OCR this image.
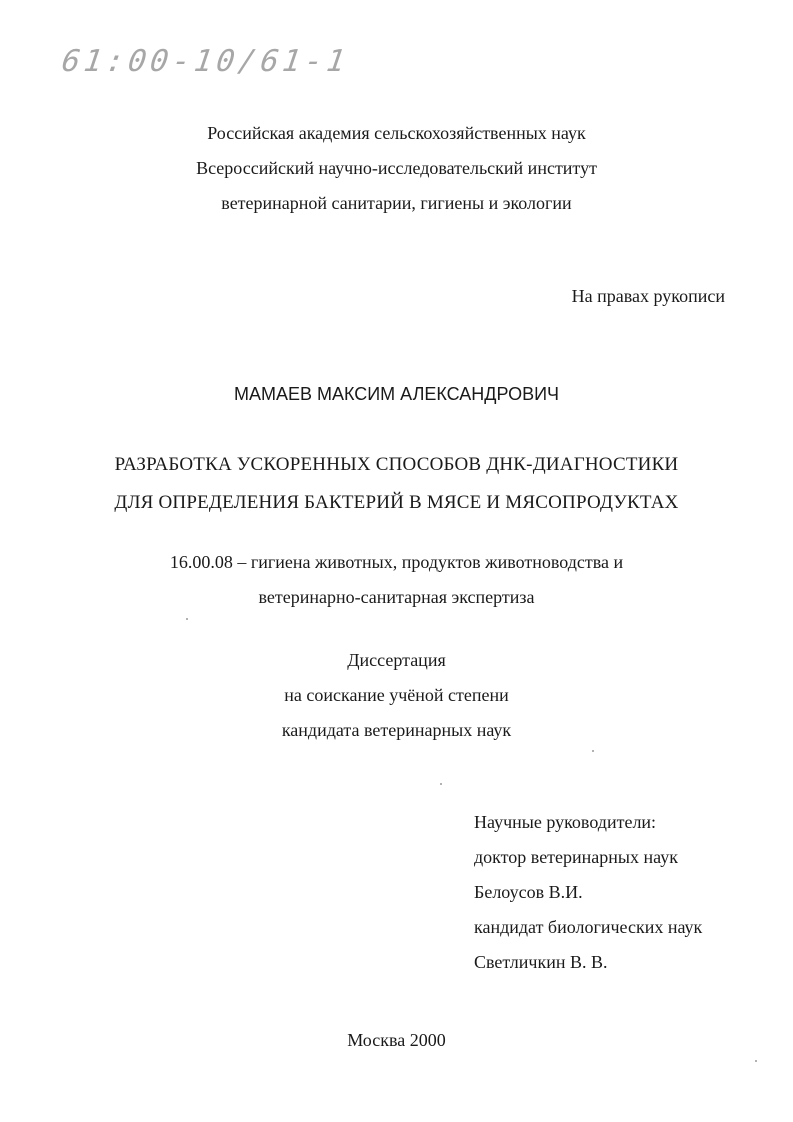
61:00-10/61-1
Российская академия сельскохозяйственных наук
Всероссийский научно-исследовательский институт
ветеринарной санитарии, гигиены и экологии
На правах рукописи
МАМАЕВ МАКСИМ АЛЕКСАНДРОВИЧ
РАЗРАБОТКА УСКОРЕННЫХ СПОСОБОВ ДНК-ДИАГНОСТИКИ
ДЛЯ ОПРЕДЕЛЕНИЯ БАКТЕРИЙ В МЯСЕ И МЯСОПРОДУКТАХ
16.00.08 – гигиена животных, продуктов животноводства и
ветеринарно-санитарная экспертиза
Диссертация
на соискание учёной степени
кандидата ветеринарных наук
Научные руководители:
доктор ветеринарных наук
Белоусов В.И.
кандидат биологических наук
Светличкин В. В.
Москва 2000
